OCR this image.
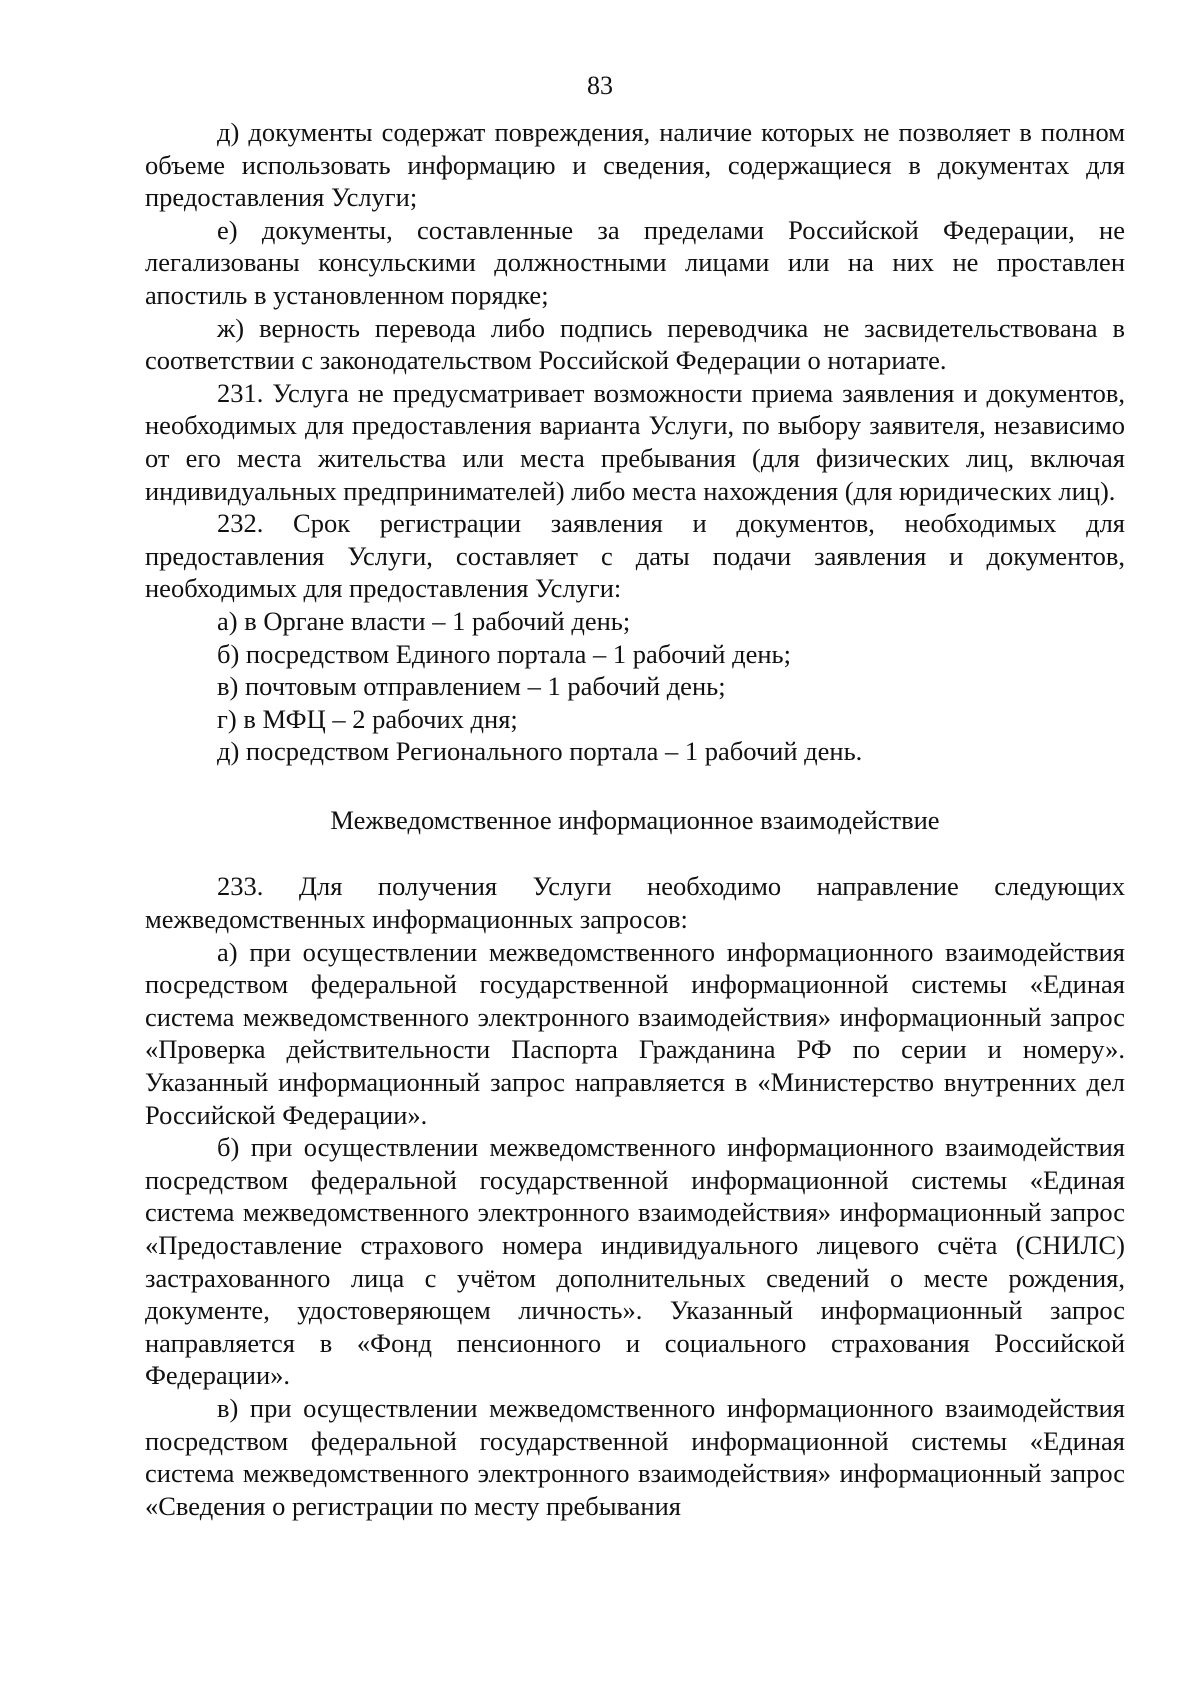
83

д) документы содержат повреждения, наличие которых не позволяет в полном объеме использовать информацию и сведения, содержащиеся в документах для предоставления Услуги;

е) документы, составленные за пределами Российской Федерации, не легализованы консульскими должностными лицами или на них не проставлен апостиль в установленном порядке;

ж) верность перевода либо подпись переводчика не засвидетельствована в соответствии с законодательством Российской Федерации о нотариате.

231. Услуга не предусматривает возможности приема заявления и документов, необходимых для предоставления варианта Услуги, по выбору заявителя, независимо от его места жительства или места пребывания (для физических лиц, включая индивидуальных предпринимателей) либо места нахождения (для юридических лиц).

232. Срок регистрации заявления и документов, необходимых для предоставления Услуги, составляет с даты подачи заявления и документов, необходимых для предоставления Услуги:

а) в Органе власти – 1 рабочий день;

б) посредством Единого портала – 1 рабочий день;

в) почтовым отправлением – 1 рабочий день;

г) в МФЦ – 2 рабочих дня;

д) посредством Регионального портала – 1 рабочий день.

Межведомственное информационное взаимодействие

233. Для получения Услуги необходимо направление следующих межведомственных информационных запросов:

а) при осуществлении межведомственного информационного взаимодействия посредством федеральной государственной информационной системы «Единая система межведомственного электронного взаимодействия» информационный запрос «Проверка действительности Паспорта Гражданина РФ по серии и номеру». Указанный информационный запрос направляется в «Министерство внутренних дел Российской Федерации».

б) при осуществлении межведомственного информационного взаимодействия посредством федеральной государственной информационной системы «Единая система межведомственного электронного взаимодействия» информационный запрос «Предоставление страхового номера индивидуального лицевого счёта (СНИЛС) застрахованного лица с учётом дополнительных сведений о месте рождения, документе, удостоверяющем личность». Указанный информационный запрос направляется в «Фонд пенсионного и социального страхования Российской Федерации».

в) при осуществлении межведомственного информационного взаимодействия посредством федеральной государственной информационной системы «Единая система межведомственного электронного взаимодействия» информационный запрос «Сведения о регистрации по месту пребывания
